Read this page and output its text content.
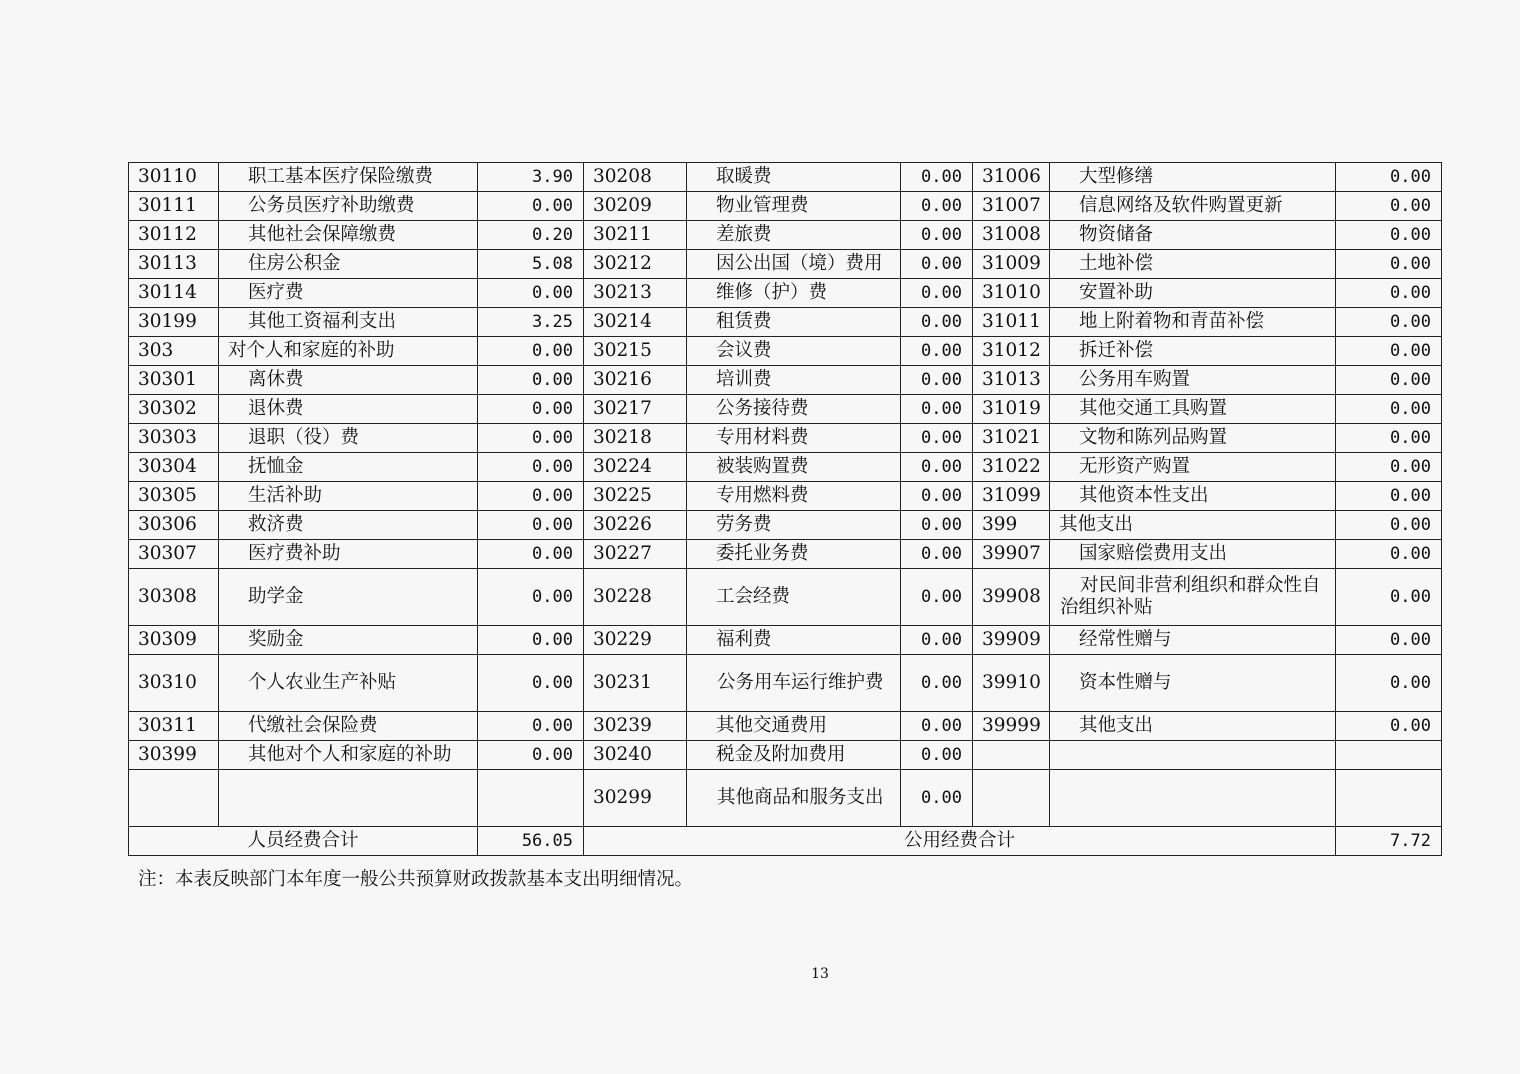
30110	职工基本医疗保险缴费	3.90	30208	取暖费	0.00	31006	大型修缮	0.00
30111	公务员医疗补助缴费	0.00	30209	物业管理费	0.00	31007	信息网络及软件购置更新	0.00
30112	其他社会保障缴费	0.20	30211	差旅费	0.00	31008	物资储备	0.00
30113	住房公积金	5.08	30212	因公出国（境）费用	0.00	31009	土地补偿	0.00
30114	医疗费	0.00	30213	维修（护）费	0.00	31010	安置补助	0.00
30199	其他工资福利支出	3.25	30214	租赁费	0.00	31011	地上附着物和青苗补偿	0.00
303	对个人和家庭的补助	0.00	30215	会议费	0.00	31012	拆迁补偿	0.00
30301	离休费	0.00	30216	培训费	0.00	31013	公务用车购置	0.00
30302	退休费	0.00	30217	公务接待费	0.00	31019	其他交通工具购置	0.00
30303	退职（役）费	0.00	30218	专用材料费	0.00	31021	文物和陈列品购置	0.00
30304	抚恤金	0.00	30224	被装购置费	0.00	31022	无形资产购置	0.00
30305	生活补助	0.00	30225	专用燃料费	0.00	31099	其他资本性支出	0.00
30306	救济费	0.00	30226	劳务费	0.00	399	其他支出	0.00
30307	医疗费补助	0.00	30227	委托业务费	0.00	39907	国家赔偿费用支出	0.00
30308	助学金	0.00	30228	工会经费	0.00	39908	对民间非营利组织和群众性自治组织补贴	0.00
30309	奖励金	0.00	30229	福利费	0.00	39909	经常性赠与	0.00
30310	个人农业生产补贴	0.00	30231	公务用车运行维护费	0.00	39910	资本性赠与	0.00
30311	代缴社会保险费	0.00	30239	其他交通费用	0.00	39999	其他支出	0.00
30399	其他对个人和家庭的补助	0.00	30240	税金及附加费用	0.00			
			30299	其他商品和服务支出	0.00			
人员经费合计		56.05	公用经费合计					7.72
注：本表反映部门本年度一般公共预算财政拨款基本支出明细情况。
13
